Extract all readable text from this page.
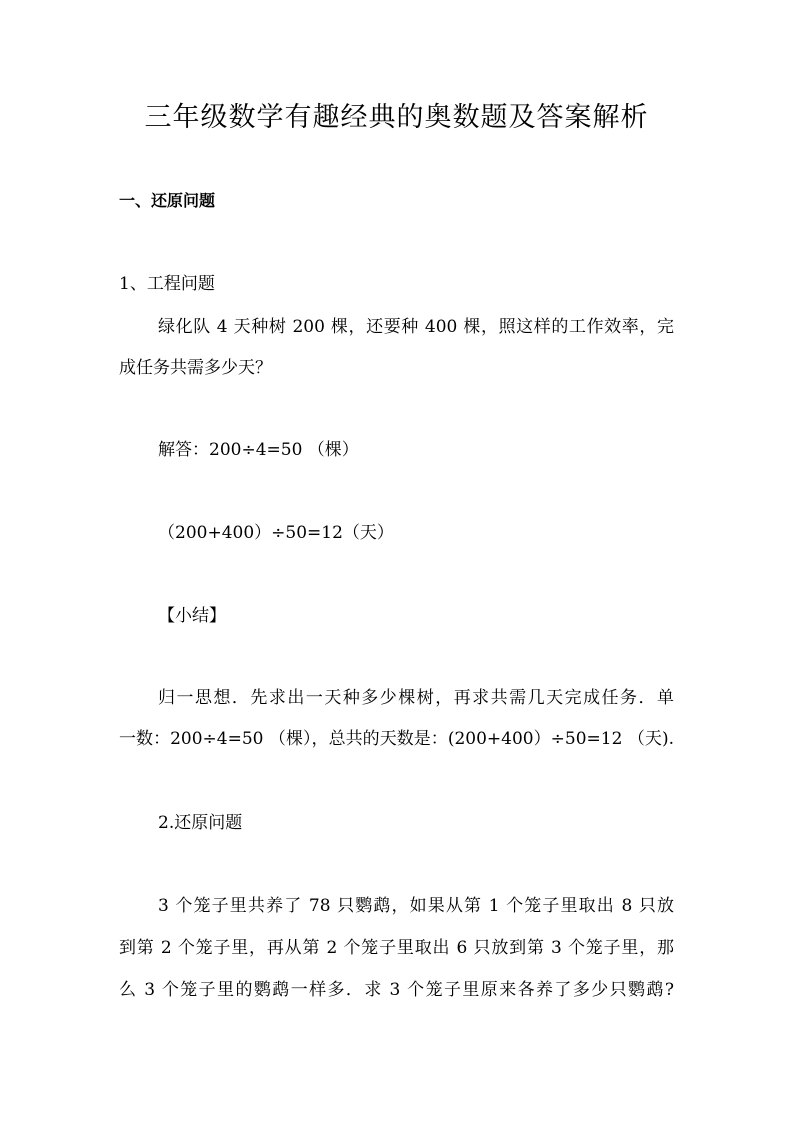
三年级数学有趣经典的奥数题及答案解析
一、还原问题
1、工程问题
绿化队 4 天种树 200 棵，还要种 400 棵，照这样的工作效率，完
成任务共需多少天？
解答：200÷4=50 （棵）
（200+400）÷50=12（天）
【小结】
归一思想．先求出一天种多少棵树，再求共需几天完成任务．单
一数：200÷4=50 （棵），总共的天数是：(200+400）÷50=12 （天).
2.还原问题
3 个笼子里共养了 78 只鹦鹉，如果从第 1 个笼子里取出 8 只放
到第 2 个笼子里，再从第 2 个笼子里取出 6 只放到第 3 个笼子里，那
么 3 个笼子里的鹦鹉一样多．求 3 个笼子里原来各养了多少只鹦鹉?
